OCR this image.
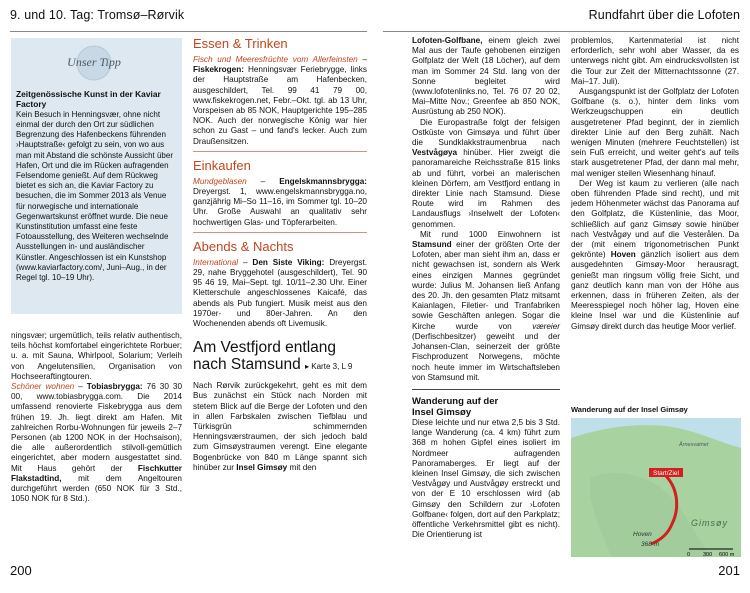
9. und 10. Tag: Tromsø–Rørvik	Rundfahrt über die Lofoten
Unser Tipp
Zeitgenössische Kunst in der Kaviar Factory
Kein Besuch in Henningsvær, ohne nicht einmal der durch den Ort zur südlichen Begrenzung des Hafenbeckens führenden ›Hauptstraße‹ gefolgt zu sein, von wo aus man mit Abstand die schönste Aussicht über Hafen, Ort und die im Rücken aufragenden Felsendome genießt. Auf dem Rückweg bietet es sich an, die Kaviar Factory zu besuchen, die im Sommer 2013 als Venue für norwegische und internationale Gegenwartskunst eröffnet wurde. Die neue Kunstinstitution umfasst eine feste Fotoausstellung, des Weiteren wechselnde Ausstellungen in- und ausländischer Künstler. Angeschlossen ist ein Kunstshop (www.kaviarfactory.com/, Juni–Aug., in der Regel tgl. 10–19 Uhr).

ningsvær; urgemütlich, teils relativ authentisch, teils höchst komfortabel eingerichtete Rorbuer; u. a. mit Sauna, Whirlpool, Solarium; Verleih von Angelutensilien, Organisation von Hochseeraftingtouren.

Schöner wohnen – Tobiasbrygga: 76 30 30 00, www.tobiasbrygga.com. Die 2014 umfassend renovierte Fiskebrygga aus dem frühen 19. Jh. liegt direkt am Hafen. Mit zahlreichen Rorbu-Wohnungen für jeweils 2–7 Personen (ab 1200 NOK in der Hochsaison), die alle außerordentlich stilvoll-gemütlich eingerichtet, aber modern ausgestattet sind. Mit Haus gehört der Fischkutter Flakstadtind, mit dem Angeltouren durchgeführt werden (650 NOK für 3 Std., 1050 NOK für 8 Std.).

Essen & Trinken

Fisch und Meeresfrüchte vom Allerfeinsten – Fiskekrogen: Henningsvær Feriebrygge, links der Hauptstraße am Hafenbecken, ausgeschildert, Tel. 99 41 79 00, www.fiskekrogen.net, Febr.–Okt. tgl. ab 13 Uhr, Vorspeisen ab 85 NOK, Hauptgerichte 195–285 NOK. Auch der norwegische König war hier schon zu Gast – und fand's lecker. Auch zum Draußensitzen.

Einkaufen

Mundgeblasen – Engelskmannsbrygga: Dreyergst. 1, www.engelskmannsbrygga.no, ganzjährig Mi–So 11–16, im Sommer tgl. 10–20 Uhr. Große Auswahl an qualitativ sehr hochwertigen Glas- und Töpferarbeiten.

Abends & Nachts

International – Den Siste Viking: Dreyergst. 29, nahe Bryggehotel (ausgeschildert), Tel. 90 95 46 19, Mai–Sept. tgl. 10/11–2.30 Uhr. Einer Kletterschule angeschlossenes Kaicafé, das abends als Pub fungiert. Musik meist aus den 1970er- und 80er-Jahren. An den Wochenenden abends oft Livemusik.

Am Vestfjord entlang
nach Stamsund ▸ Karte 3, L 9

Nach Rørvik zurückgekehrt, geht es mit dem Bus zunächst ein Stück nach Norden mit stetem Blick auf die Berge der Lofoten und den in allen Farbskalen zwischen Tiefblau und Türkisgrün schimmernden Henningsværstraumen, der sich jedoch bald zum Gimsøystraumen verengt. Eine elegante Bogenbrücke von 840 m Länge spannt sich hinüber zur Insel Gimsøy mit den

Lofoten-Golfbane, einem gleich zwei Mal aus der Taufe gehobenen einzigen Golfplatz der Welt (18 Löcher), auf dem man im Sommer 24 Std. lang von der Sonne begleitet wird (www.lofotenlinks.no, Tel. 76 07 20 02, Mai–Mitte Nov.; Greenfee ab 850 NOK, Ausrüstung ab 250 NOK).

Die Europastraße folgt der felsigen Ostküste von Gimsøya und führt über die Sundklakkstraumenbrua nach Vestvågøya hinüber. Hier zweigt die panoramareiche Reichsstraße 815 links ab und führt, vorbei an malerischen kleinen Dörfern, am Vestfjord entlang in direkter Linie nach Stamsund. Diese Route wird im Rahmen des Landausflugs ›Inselwelt der Lofoten‹ genommen.

Mit rund 1000 Einwohnern ist Stamsund einer der größten Orte der Lofoten, aber man sieht ihm an, dass er nicht gewachsen ist, sondern als Werk eines einzigen Mannes gegründet wurde: Julius M. Johansen ließ Anfang des 20. Jh. den gesamten Platz mitsamt Kaianlagen, Filetier- und Tranfabriken sowie Geschäften anlegen. Sogar die Kirche wurde von	væreier (Derfischbesitzer) geweiht und der Johansen-Clan, seinerzeit der größte Fischproduzent Norwegens, möchte noch heute immer im Wirtschaftsleben von Stamsund mit.

Wanderung auf der
Insel Gimsøy

Diese leichte und nur etwa 2,5 bis 3 Std. lange Wanderung (ca. 4 km) führt zum 368 m hohen Gipfel eines isoliert im Nordmeer aufragenden Panoramaberges. Er liegt auf der kleinen Insel Gimsøy, die sich zwischen Vestvågøy und Austvågøy erstreckt und von der E 10 erschlossen wird (ab Gimsøy den Schildern zur ›Lofoten Golfbane‹ folgen, dort auf den Parkplatz; öffentliche Verkehrsmittel gibt es nicht). Die Orientierung ist

problemlos, Kartenmaterial ist nicht erforderlich, sehr wohl aber Wasser, da es unterwegs nicht gibt. Am eindrucksvollsten ist die Tour zur Zeit der Mitternachtssonne (27. Mai–17. Juli).

Ausgangspunkt ist der Golfplatz der Lofoten Golfbane (s. o.), hinter dem links vom Werkzeugschuppen ein deutlich ausgetretener Pfad beginnt, der in ziemlich direkter Linie auf den Berg zuhält. Nach wenigen Minuten (mehrere Feuchtstellen) ist sein Fuß erreicht, und weiter geht's auf teils stark ausgetretener Pfad, der dann mal mehr, mal weniger steilen Wiesenhang hinauf.

Der Weg ist kaum zu verlieren (alle nach oben führenden Pfade sind recht), und mit jedem Höhenmeter wächst das Panorama auf den Golfplatz, die Küstenlinie, das Moor, schließlich auf ganz Gimsøy sowie hinüber nach Vestvågøy und auf die Vesterålen. Da der (mit einem trigonometrischen Punkt gekrönte) Hoven gänzlich isoliert aus dem ausgedehnten Gimsøy-Moor herausragt, genießt man ringsum völlig freie Sicht, und ganz deutlich kann man von der Höhe aus erkennen, dass in früheren Zeiten, als der Meeresspiegel noch höher lag, Hoven eine kleine Insel war und die Küstenlinie auf Gimsøy direkt durch das heutige Moor verlief.

Wanderung auf der Insel Gimsøy
Start/Ziel
Hoven
368 m
Gimsøy
Årnesvatnet
0 300 600 m
200	201
